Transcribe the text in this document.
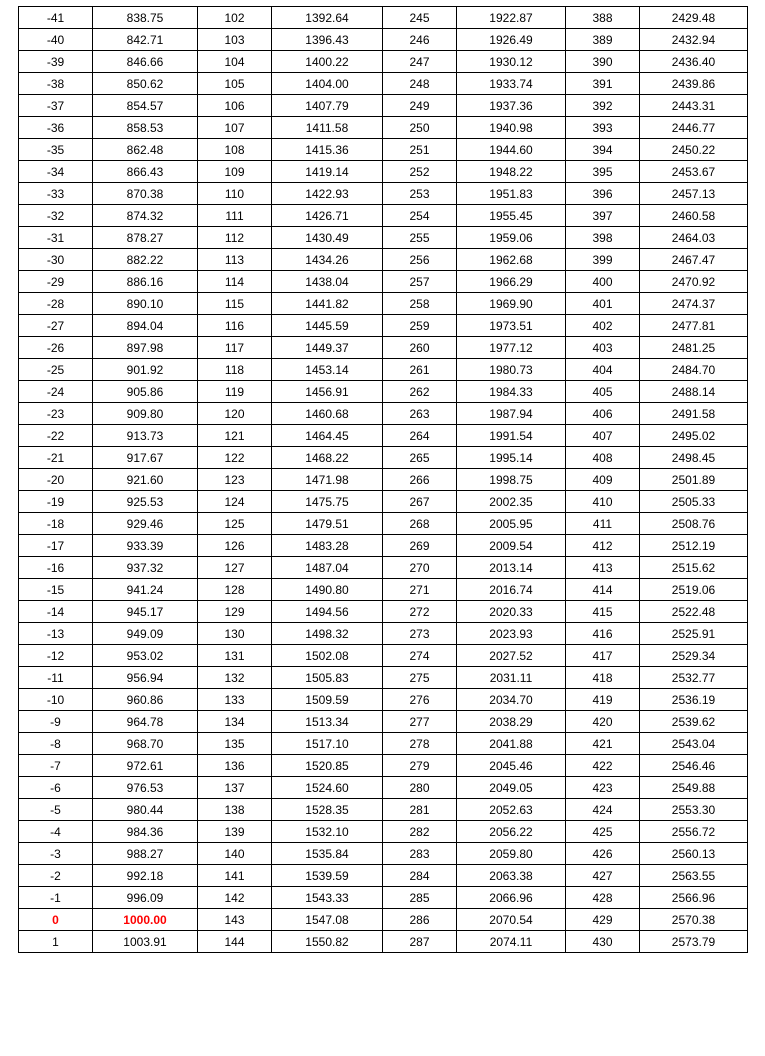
-41	838.75	102	1392.64	245	1922.87	388	2429.48
-40	842.71	103	1396.43	246	1926.49	389	2432.94
-39	846.66	104	1400.22	247	1930.12	390	2436.40
-38	850.62	105	1404.00	248	1933.74	391	2439.86
-37	854.57	106	1407.79	249	1937.36	392	2443.31
-36	858.53	107	1411.58	250	1940.98	393	2446.77
-35	862.48	108	1415.36	251	1944.60	394	2450.22
-34	866.43	109	1419.14	252	1948.22	395	2453.67
-33	870.38	110	1422.93	253	1951.83	396	2457.13
-32	874.32	111	1426.71	254	1955.45	397	2460.58
-31	878.27	112	1430.49	255	1959.06	398	2464.03
-30	882.22	113	1434.26	256	1962.68	399	2467.47
-29	886.16	114	1438.04	257	1966.29	400	2470.92
-28	890.10	115	1441.82	258	1969.90	401	2474.37
-27	894.04	116	1445.59	259	1973.51	402	2477.81
-26	897.98	117	1449.37	260	1977.12	403	2481.25
-25	901.92	118	1453.14	261	1980.73	404	2484.70
-24	905.86	119	1456.91	262	1984.33	405	2488.14
-23	909.80	120	1460.68	263	1987.94	406	2491.58
-22	913.73	121	1464.45	264	1991.54	407	2495.02
-21	917.67	122	1468.22	265	1995.14	408	2498.45
-20	921.60	123	1471.98	266	1998.75	409	2501.89
-19	925.53	124	1475.75	267	2002.35	410	2505.33
-18	929.46	125	1479.51	268	2005.95	411	2508.76
-17	933.39	126	1483.28	269	2009.54	412	2512.19
-16	937.32	127	1487.04	270	2013.14	413	2515.62
-15	941.24	128	1490.80	271	2016.74	414	2519.06
-14	945.17	129	1494.56	272	2020.33	415	2522.48
-13	949.09	130	1498.32	273	2023.93	416	2525.91
-12	953.02	131	1502.08	274	2027.52	417	2529.34
-11	956.94	132	1505.83	275	2031.11	418	2532.77
-10	960.86	133	1509.59	276	2034.70	419	2536.19
-9	964.78	134	1513.34	277	2038.29	420	2539.62
-8	968.70	135	1517.10	278	2041.88	421	2543.04
-7	972.61	136	1520.85	279	2045.46	422	2546.46
-6	976.53	137	1524.60	280	2049.05	423	2549.88
-5	980.44	138	1528.35	281	2052.63	424	2553.30
-4	984.36	139	1532.10	282	2056.22	425	2556.72
-3	988.27	140	1535.84	283	2059.80	426	2560.13
-2	992.18	141	1539.59	284	2063.38	427	2563.55
-1	996.09	142	1543.33	285	2066.96	428	2566.96
0	1000.00	143	1547.08	286	2070.54	429	2570.38
1	1003.91	144	1550.82	287	2074.11	430	2573.79
